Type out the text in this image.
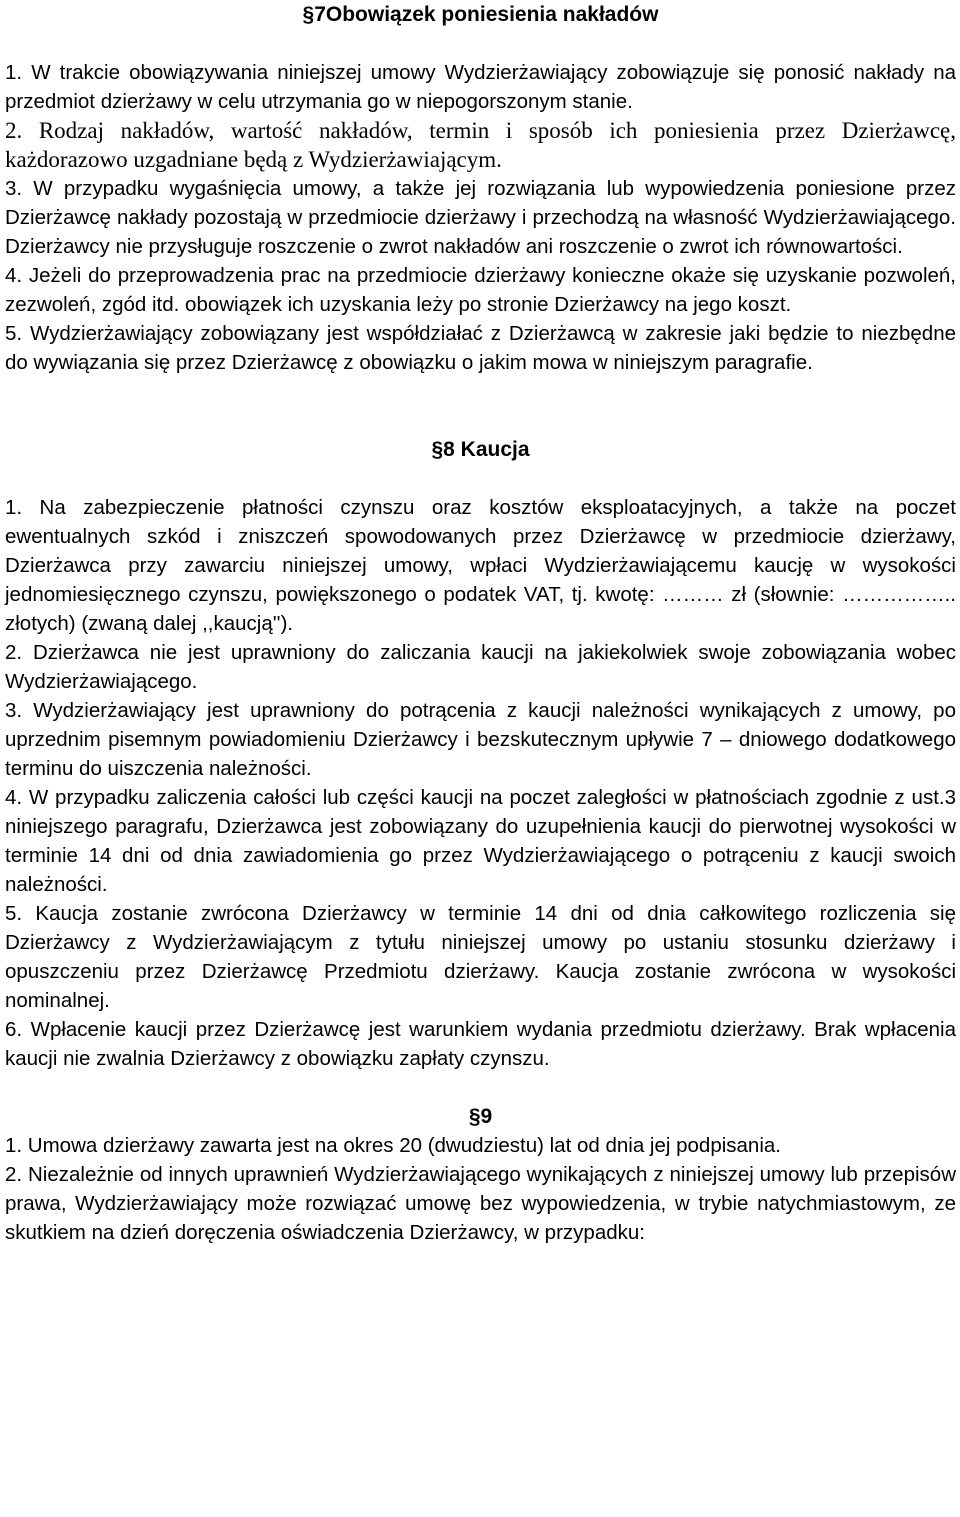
§7Obowiązek poniesienia nakładów

1. W trakcie obowiązywania niniejszej umowy Wydzierżawiający zobowiązuje się ponosić nakłady na przedmiot dzierżawy w celu utrzymania go w niepogorszonym stanie.

2. Rodzaj nakładów, wartość nakładów, termin i sposób ich poniesienia przez Dzierżawcę, każdorazowo uzgadniane będą z Wydzierżawiającym.

3. W przypadku wygaśnięcia umowy, a także jej rozwiązania lub wypowiedzenia poniesione przez Dzierżawcę nakłady pozostają w przedmiocie dzierżawy i przechodzą na własność Wydzierżawiającego. Dzierżawcy nie przysługuje roszczenie o zwrot nakładów ani roszczenie o zwrot ich równowartości.

4. Jeżeli do przeprowadzenia prac na przedmiocie dzierżawy konieczne okaże się uzyskanie pozwoleń, zezwoleń, zgód itd. obowiązek ich uzyskania leży po stronie Dzierżawcy na jego koszt.

5. Wydzierżawiający zobowiązany jest współdziałać z Dzierżawcą w zakresie jaki będzie to niezbędne do wywiązania się przez Dzierżawcę z obowiązku o jakim mowa w niniejszym paragrafie.

§8 Kaucja

1. Na zabezpieczenie płatności czynszu oraz kosztów eksploatacyjnych, a także na poczet ewentualnych szkód i zniszczeń spowodowanych przez Dzierżawcę w przedmiocie dzierżawy, Dzierżawca przy zawarciu niniejszej umowy, wpłaci Wydzierżawiającemu kaucję w wysokości jednomiesięcznego czynszu, powiększonego o podatek VAT, tj. kwotę: ……… zł (słownie: …………….. złotych) (zwaną dalej ,,kaucją'').

2. Dzierżawca nie jest uprawniony do zaliczania kaucji na jakiekolwiek swoje zobowiązania wobec Wydzierżawiającego.

3. Wydzierżawiający jest uprawniony do potrącenia z kaucji należności wynikających z umowy, po uprzednim pisemnym powiadomieniu Dzierżawcy i bezskutecznym upływie 7 – dniowego dodatkowego terminu do uiszczenia należności.

4. W przypadku zaliczenia całości lub części kaucji na poczet zaległości w płatnościach zgodnie z ust.3 niniejszego paragrafu, Dzierżawca jest zobowiązany do uzupełnienia kaucji do pierwotnej wysokości w terminie 14 dni od dnia zawiadomienia go przez Wydzierżawiającego o potrąceniu z kaucji swoich należności.

5. Kaucja zostanie zwrócona Dzierżawcy w terminie 14 dni od dnia całkowitego rozliczenia się Dzierżawcy z Wydzierżawiającym z tytułu niniejszej umowy po ustaniu stosunku dzierżawy i opuszczeniu przez Dzierżawcę Przedmiotu dzierżawy. Kaucja zostanie zwrócona w wysokości nominalnej.

6. Wpłacenie kaucji przez Dzierżawcę jest warunkiem wydania przedmiotu dzierżawy. Brak wpłacenia kaucji nie zwalnia Dzierżawcy z obowiązku zapłaty czynszu.

§9

1. Umowa dzierżawy zawarta jest na okres 20 (dwudziestu) lat od dnia jej podpisania.

2. Niezależnie od innych uprawnień Wydzierżawiającego wynikających z niniejszej umowy lub przepisów prawa, Wydzierżawiający może rozwiązać umowę bez wypowiedzenia, w trybie natychmiastowym, ze skutkiem na dzień doręczenia oświadczenia Dzierżawcy, w przypadku:
